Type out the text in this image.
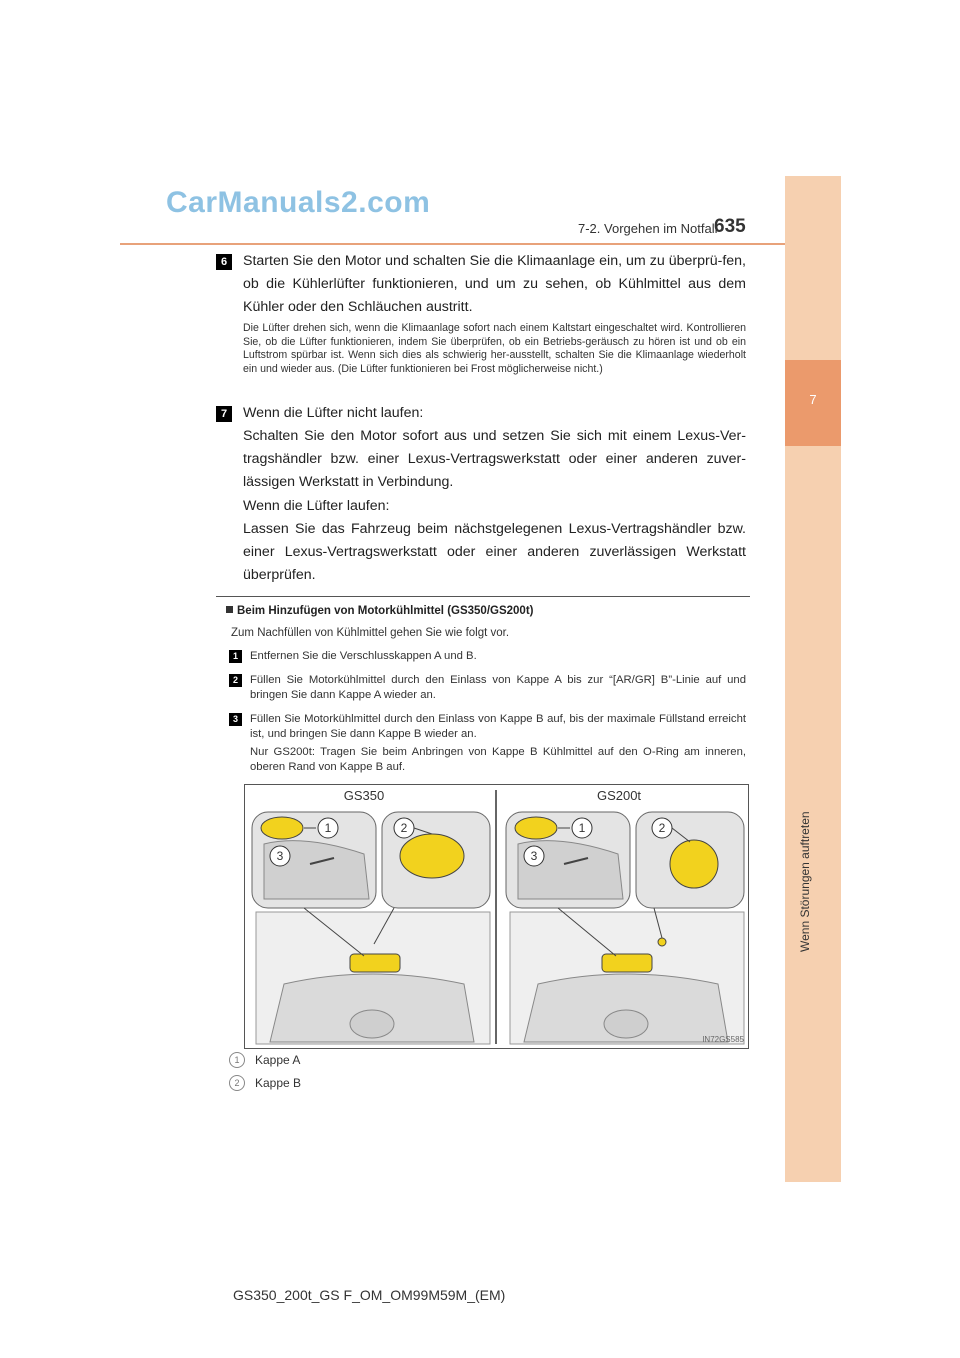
7
Wenn Störungen auftreten
CarManuals2.com
7-2. Vorgehen im Notfall
635
6	Starten Sie den Motor und schalten Sie die Klimaanlage ein, um zu überprü-fen, ob die Kühlerlüfter funktionieren, und um zu sehen, ob Kühlmittel aus dem Kühler oder den Schläuchen austritt.
Die Lüfter drehen sich, wenn die Klimaanlage sofort nach einem Kaltstart eingeschaltet wird. Kontrollieren Sie, ob die Lüfter funktionieren, indem Sie überprüfen, ob ein Betriebs-geräusch zu hören ist und ob ein Luftstrom spürbar ist. Wenn sich dies als schwierig her-ausstellt, schalten Sie die Klimaanlage wiederholt ein und wieder aus. (Die Lüfter funktionieren bei Frost möglicherweise nicht.)
7	Wenn die Lüfter nicht laufen:
Schalten Sie den Motor sofort aus und setzen Sie sich mit einem Lexus-Ver-tragshändler bzw. einer Lexus-Vertragswerkstatt oder einer anderen zuver-lässigen Werkstatt in Verbindung.
Wenn die Lüfter laufen:
Lassen Sie das Fahrzeug beim nächstgelegenen Lexus-Vertragshändler bzw. einer Lexus-Vertragswerkstatt oder einer anderen zuverlässigen Werkstatt überprüfen.
Beim Hinzufügen von Motorkühlmittel (GS350/GS200t)
Zum Nachfüllen von Kühlmittel gehen Sie wie folgt vor.
1	Entfernen Sie die Verschlusskappen A und B.
2	Füllen Sie Motorkühlmittel durch den Einlass von Kappe A bis zur “[AR/GR] B”-Linie auf und bringen Sie dann Kappe A wieder an.
3	Füllen Sie Motorkühlmittel durch den Einlass von Kappe B auf, bis der maximale Füllstand erreicht ist, und bringen Sie dann Kappe B wieder an.
Nur GS200t: Tragen Sie beim Anbringen von Kappe B Kühlmittel auf den O-Ring am inneren, oberen Rand von Kappe B auf.
GS350	GS200t
1
3
2	1
3
2
IN72GS585
1	Kappe A
2	Kappe B
GS350_200t_GS F_OM_OM99M59M_(EM)
